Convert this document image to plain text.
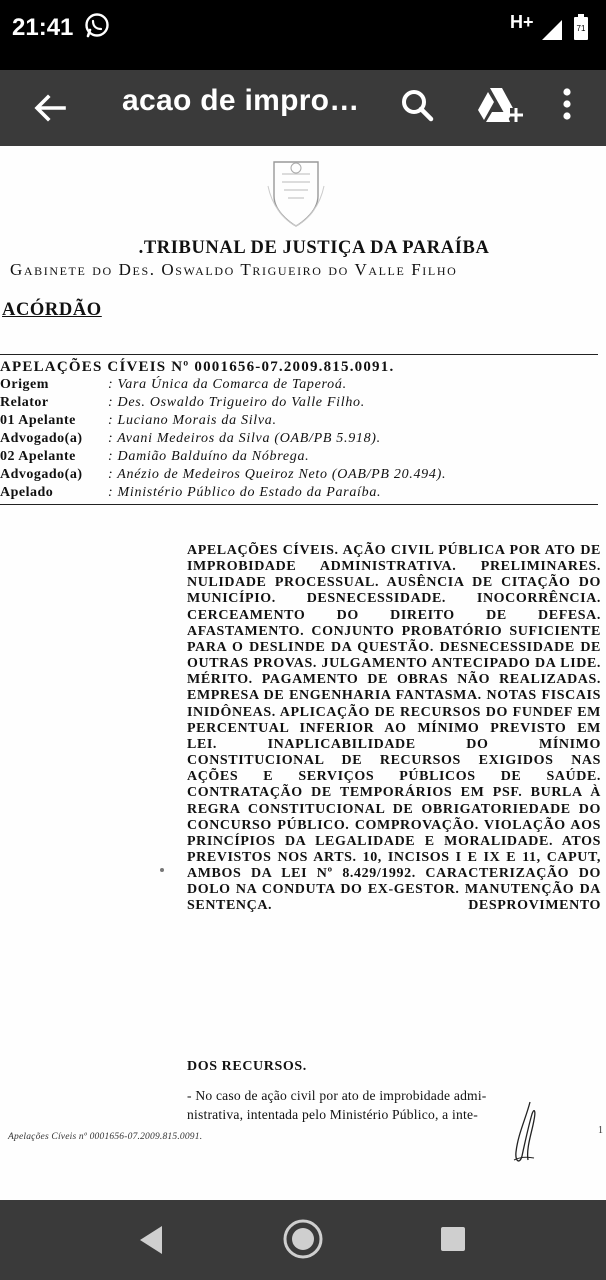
21:41	H+	71
acao de impro…
.TRIBUNAL DE JUSTIÇA DA PARAÍBA
Gabinete do Des. Oswaldo Trigueiro do Valle Filho
ACÓRDÃO
APELAÇÕES CÍVEIS Nº 0001656-07.2009.815.0091.
Origem	: Vara Única da Comarca de Taperoá.
Relator	: Des. Oswaldo Trigueiro do Valle Filho.
01 Apelante : Luciano Morais da Silva.
Advogado(a) : Avani Medeiros da Silva (OAB/PB 5.918).
02 Apelante : Damião Balduíno da Nóbrega.
Advogado(a) : Anézio de Medeiros Queiroz Neto (OAB/PB 20.494).
Apelado	: Ministério Público do Estado da Paraíba.
APELAÇÕES CÍVEIS. AÇÃO CIVIL PÚBLICA POR ATO DE IMPROBIDADE ADMINISTRATIVA. PRELIMINARES. NULIDADE PROCESSUAL. AUSÊNCIA DE CITAÇÃO DO MUNICÍPIO. DESNECESSIDADE. INOCORRÊNCIA. CERCEAMENTO DO DIREITO DE DEFESA. AFASTAMENTO. CONJUNTO PROBATÓRIO SUFICIENTE PARA O DESLINDE DA QUESTÃO. DESNECESSIDADE DE OUTRAS PROVAS. JULGAMENTO ANTECIPADO DA LIDE. MÉRITO. PAGAMENTO DE OBRAS NÃO REALIZADAS. EMPRESA DE ENGENHARIA FANTASMA. NOTAS FISCAIS INIDÔNEAS. APLICAÇÃO DE RECURSOS DO FUNDEF EM PERCENTUAL INFERIOR AO MÍNIMO PREVISTO EM LEI. INAPLICABILIDADE DO MÍNIMO CONSTITUCIONAL DE RECURSOS EXIGIDOS NAS AÇÕES E SERVIÇOS PÚBLICOS DE SAÚDE. CONTRATAÇÃO DE TEMPORÁRIOS EM PSF. BURLA À REGRA CONSTITUCIONAL DE OBRIGATORIEDADE DO CONCURSO PÚBLICO. COMPROVAÇÃO. VIOLAÇÃO AOS PRINCÍPIOS DA LEGALIDADE E MORALIDADE. ATOS PREVISTOS NOS ARTS. 10, INCISOS I E IX E 11, CAPUT, AMBOS DA LEI Nº 8.429/1992. CARACTERIZAÇÃO DO DOLO NA CONDUTA DO EX-GESTOR. MANUTENÇÃO DA SENTENÇA. DESPROVIMENTO
DOS RECURSOS.
- No caso de ação civil por ato de improbidade admi-
nistrativa, intentada pelo Ministério Público, a inte-
Apelações Cíveis nº 0001656-07.2009.815.0091.
1
